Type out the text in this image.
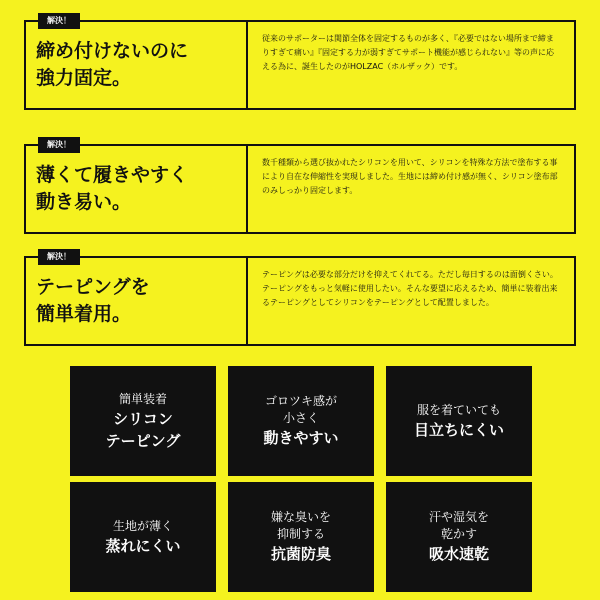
締め付けないのに
強力固定。
従来のサポーターは関節全体を固定するものが多く、『必要ではない場所まで締まりすぎて痛い』『固定する力が弱すぎてサポート機能が感じられない』等の声に応える為に、誕生したのがHOLZAC（ホルザック）です。
解決！
薄くて履きやすく
動き易い。
数千種類から選び抜かれたシリコンを用いて、シリコンを特殊な方法で塗布する事により自在な伸縮性を実現しました。生地には締め付け感が無く、シリコン塗布部のみしっかり固定します。
解決！
テーピングを
簡単着用。
テーピングは必要な部分だけを抑えてくれてる。ただし毎日するのは面倒くさい。テーピングをもっと気軽に使用したい。そんな要望に応えるため、簡単に装着出来るテーピングとしてシリコンをテーピングとして配置しました。
解決！
簡単装着
シリコン
テーピング
ゴロツキ感が
小さく
動きやすい
服を着ていても
目立ちにくい
生地が薄く
蒸れにくい
嫌な臭いを
抑制する
抗菌防臭
汗や湿気を
乾かす
吸水速乾
